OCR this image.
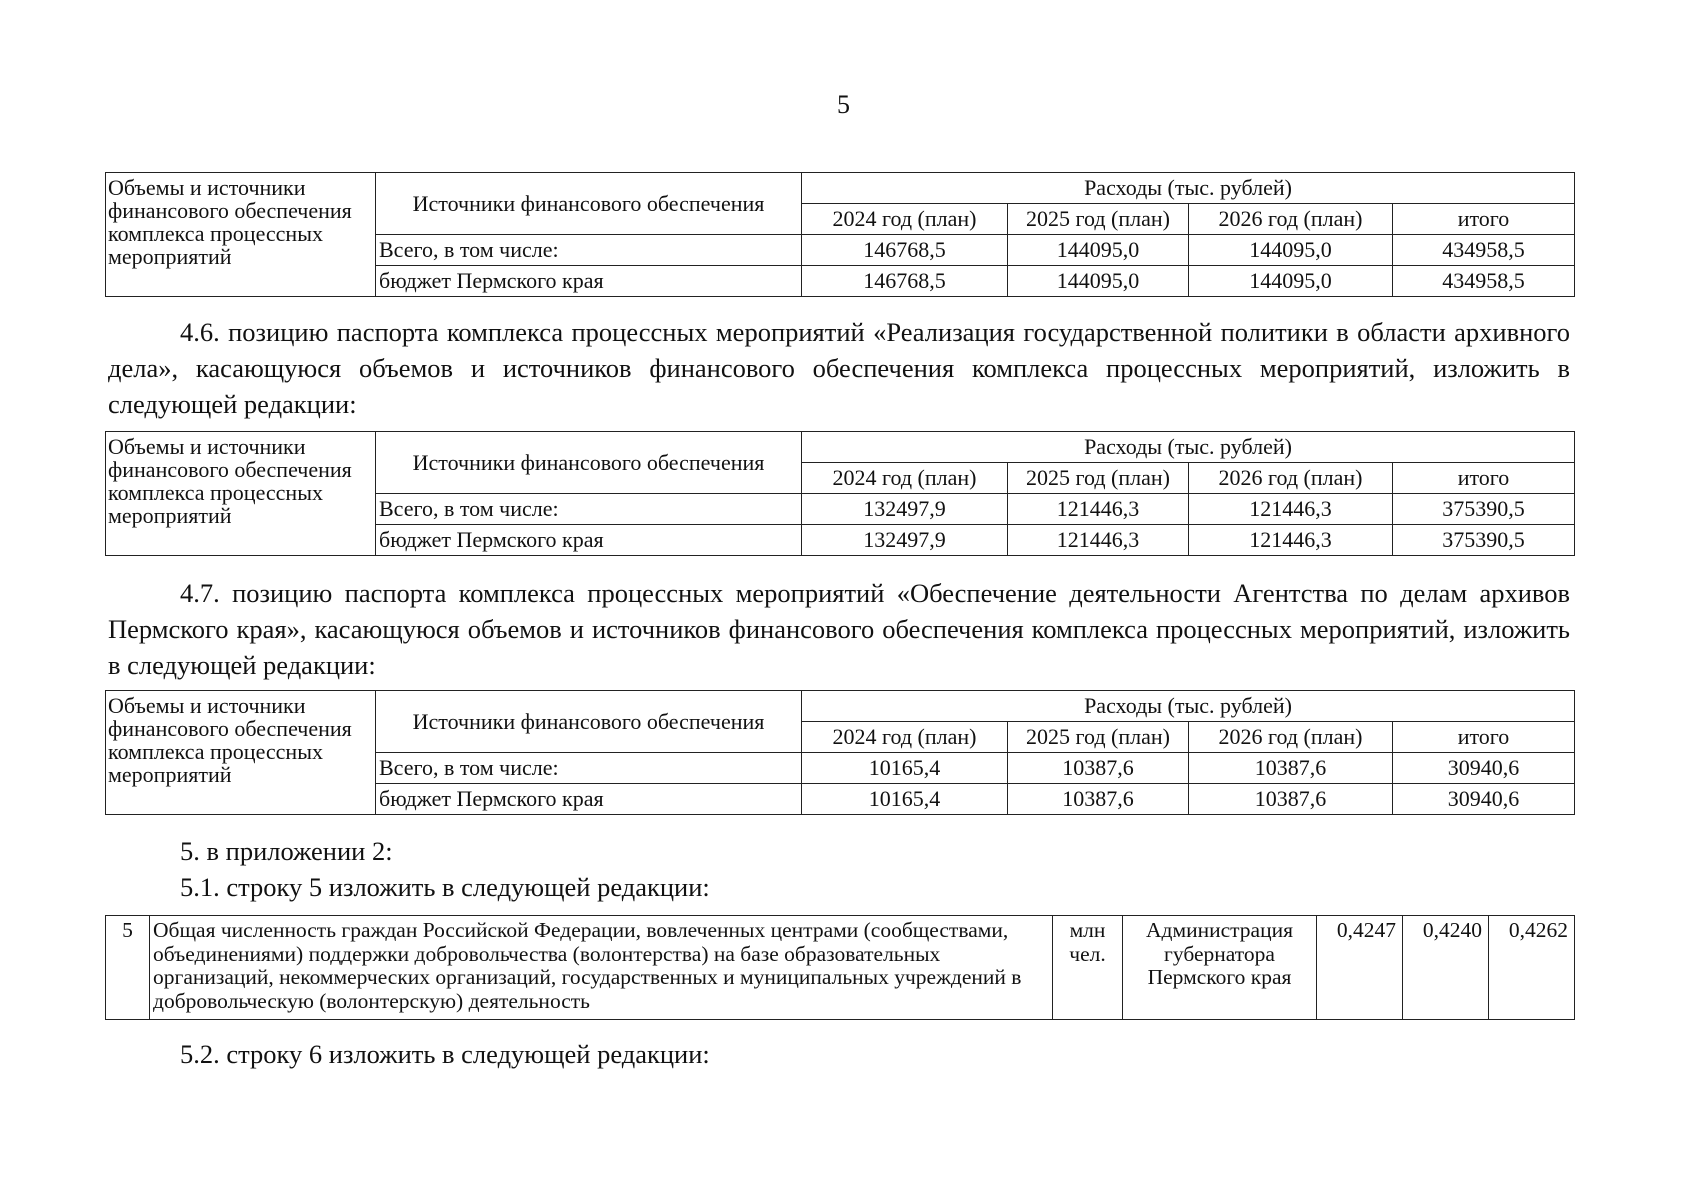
5
Объемы и источники финансового обеспечения комплекса процессных мероприятий	Источники финансового обеспечения	Расходы (тыс. рублей)			
		2024 год (план)	2025 год (план)	2026 год (план)	итого
	Всего, в том числе:	146768,5	144095,0	144095,0	434958,5
	бюджет Пермского края	146768,5	144095,0	144095,0	434958,5

4.6. позицию паспорта комплекса процессных мероприятий «Реализация государственной политики в области архивного дела», касающуюся объемов и источников финансового обеспечения комплекса процессных мероприятий, изложить в следующей редакции:

Объемы и источники финансового обеспечения комплекса процессных мероприятий	Источники финансового обеспечения	Расходы (тыс. рублей)			
		2024 год (план)	2025 год (план)	2026 год (план)	итого
	Всего, в том числе:	132497,9	121446,3	121446,3	375390,5
	бюджет Пермского края	132497,9	121446,3	121446,3	375390,5

4.7. позицию паспорта комплекса процессных мероприятий «Обеспечение деятельности Агентства по делам архивов Пермского края», касающуюся объемов и источников финансового обеспечения комплекса процессных мероприятий, изложить в следующей редакции:

Объемы и источники финансового обеспечения комплекса процессных мероприятий	Источники финансового обеспечения	Расходы (тыс. рублей)			
		2024 год (план)	2025 год (план)	2026 год (план)	итого
	Всего, в том числе:	10165,4	10387,6	10387,6	30940,6
	бюджет Пермского края	10165,4	10387,6	10387,6	30940,6

5. в приложении 2:

5.1. строку 5 изложить в следующей редакции:

5	Общая численность граждан Российской Федерации, вовлеченных центрами (сообществами, объединениями) поддержки добровольчества (волонтерства) на базе образовательных организаций, некоммерческих организаций, государственных и муниципальных учреждений в добровольческую (волонтерскую) деятельность	млн чел.	Администрация губернатора Пермского края	0,4247	0,4240	0,4262

5.2. строку 6 изложить в следующей редакции:
